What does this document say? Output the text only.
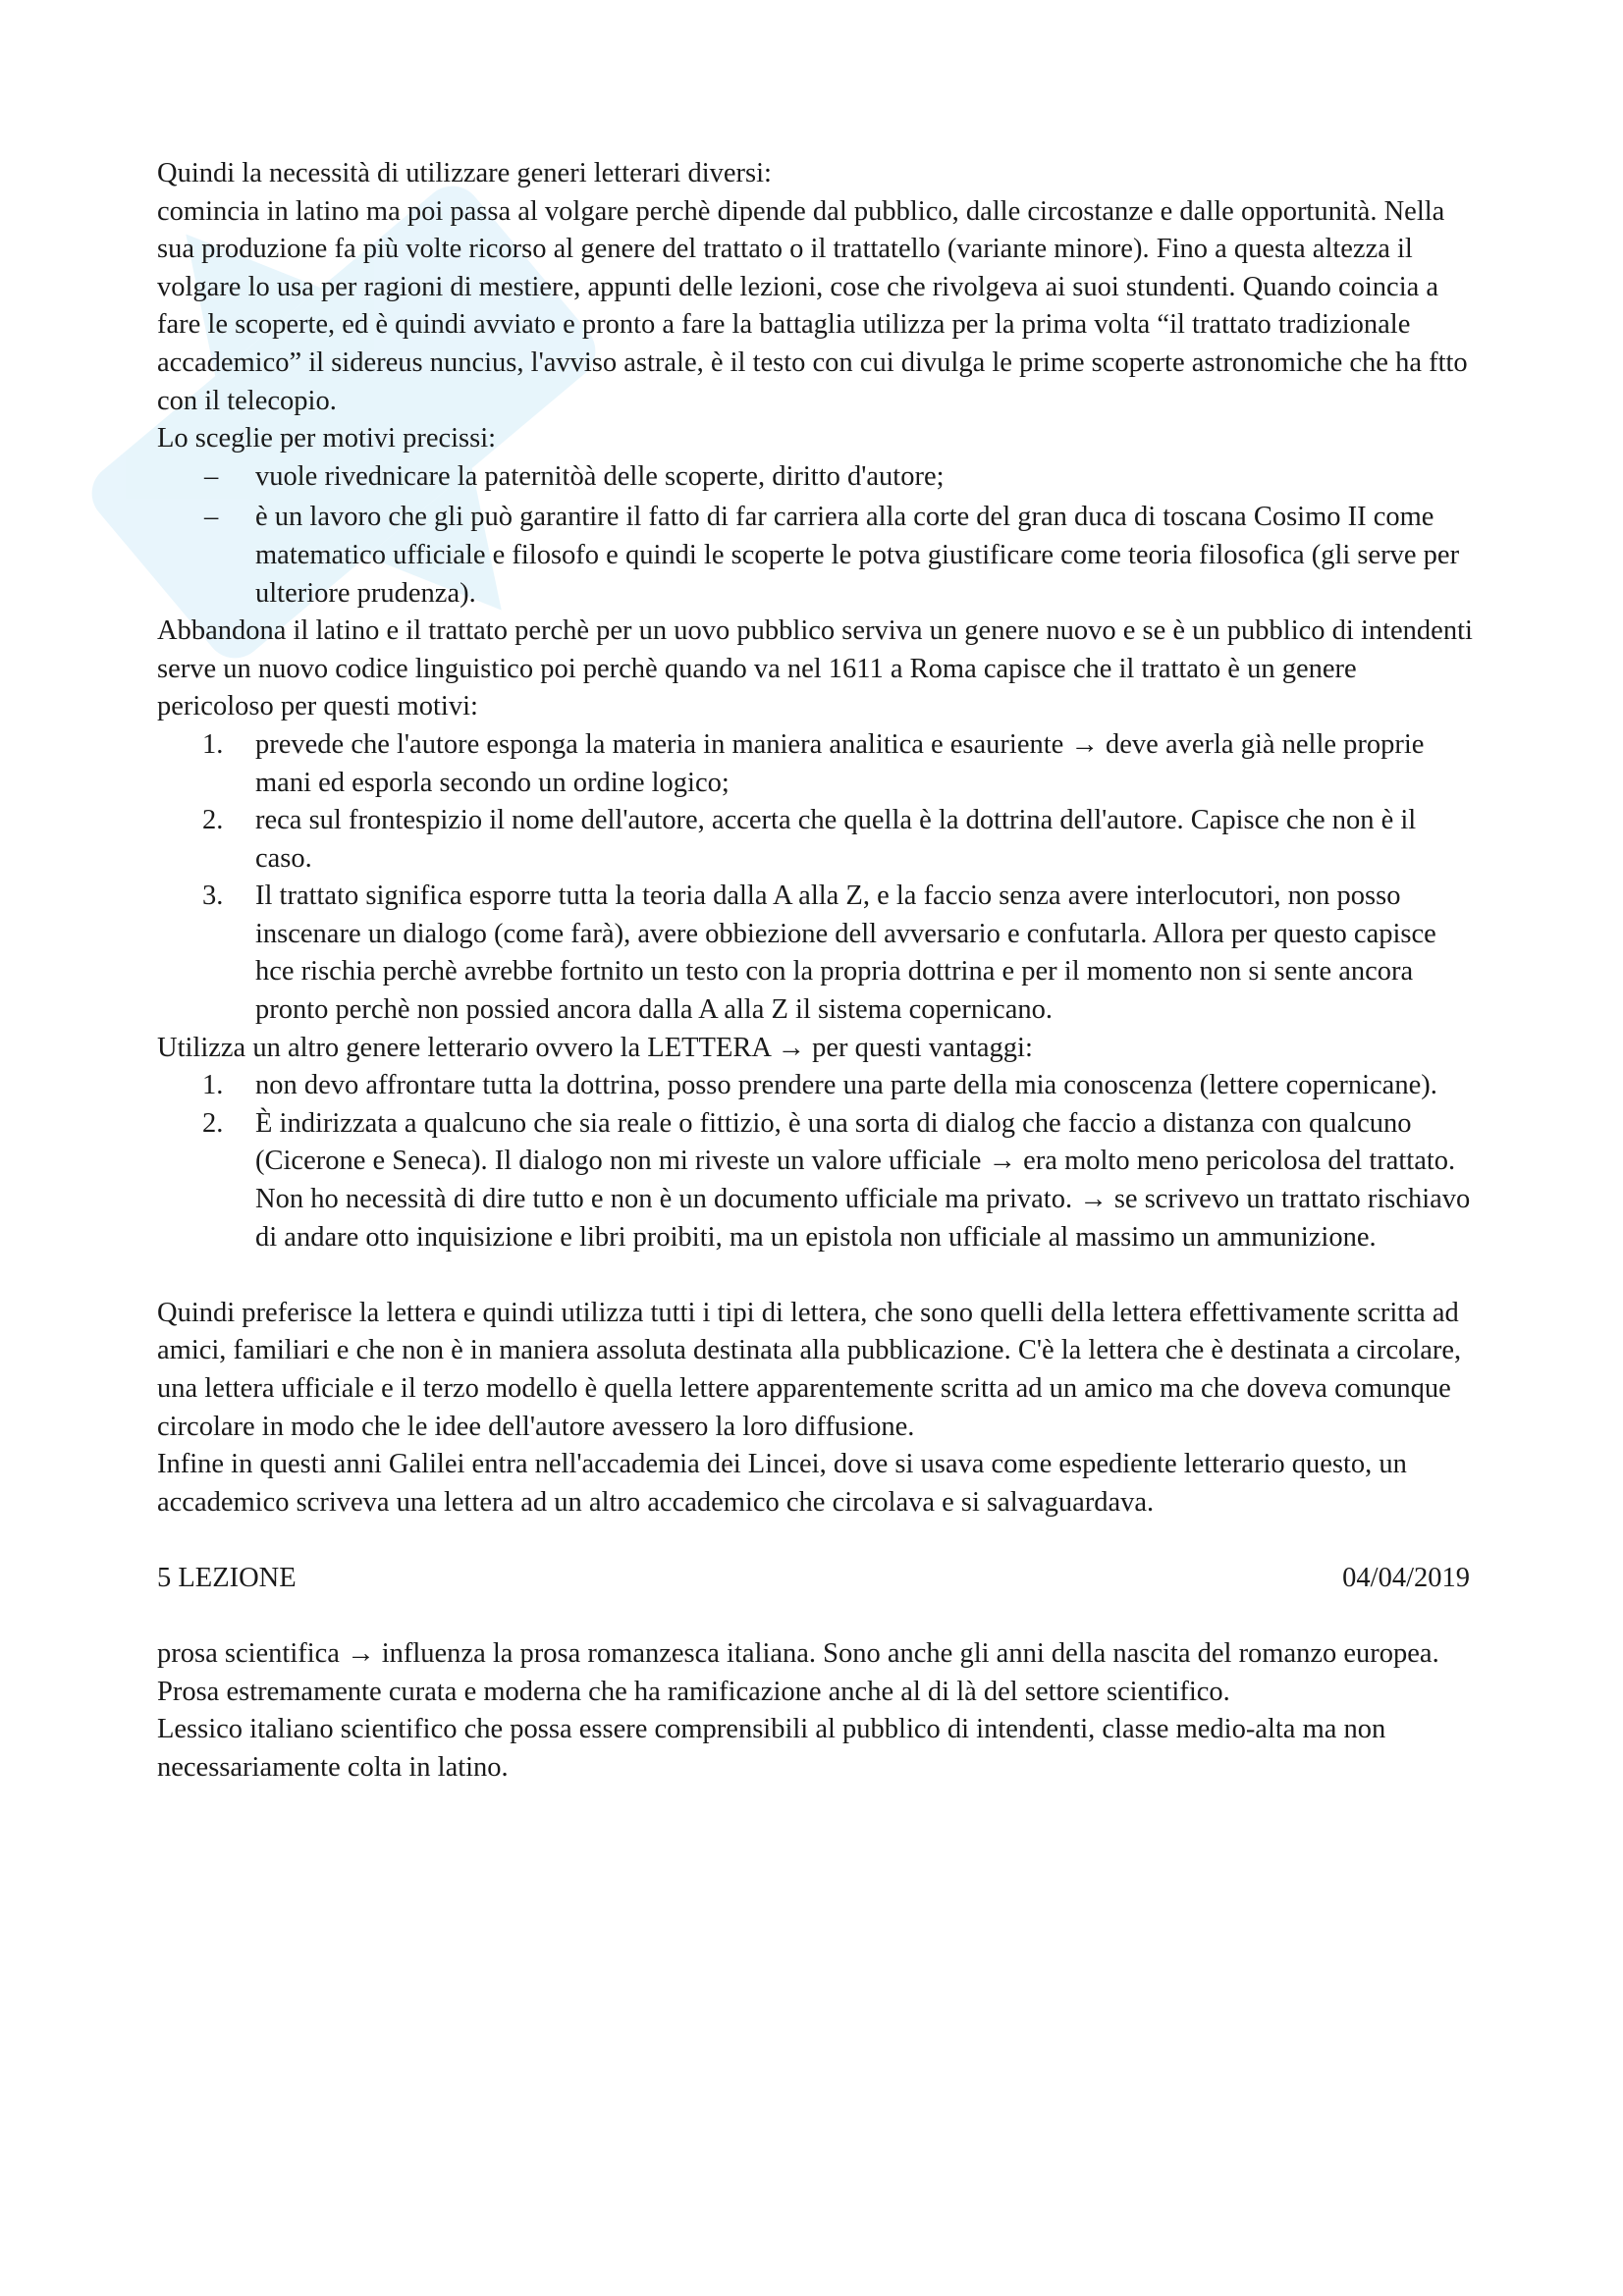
Quindi la necessità di utilizzare generi letterari diversi:

comincia in latino ma poi passa al volgare perchè dipende dal pubblico, dalle circostanze e dalle opportunità. Nella sua produzione fa più volte ricorso al genere del trattato o il trattatello (variante minore). Fino a questa altezza il volgare lo usa per ragioni di mestiere, appunti delle lezioni, cose che rivolgeva ai suoi stundenti. Quando coincia a fare le scoperte, ed è quindi avviato e pronto a fare la battaglia utilizza per la prima volta “il trattato tradizionale accademico” il sidereus nuncius, l'avviso astrale, è il testo con cui divulga le prime scoperte astronomiche che ha ftto con il telecopio.

Lo sceglie per motivi precissi:

– vuole rivednicare la paternitòà delle scoperte, diritto d'autore;
– è un lavoro che gli può garantire il fatto di far carriera alla corte del gran duca di toscana Cosimo II come matematico ufficiale e filosofo e quindi le scoperte le potva giustificare come teoria filosofica (gli serve per ulteriore prudenza).

Abbandona il latino e il trattato perchè per un uovo pubblico serviva un genere nuovo e se è un pubblico di intendenti serve un nuovo codice linguistico poi perchè quando va nel 1611 a Roma capisce che il trattato è un genere pericoloso per questi motivi:

1. prevede che l'autore esponga la materia in maniera analitica e esauriente → deve averla già nelle proprie mani ed esporla secondo un ordine logico;
2. reca sul frontespizio il nome dell'autore, accerta che quella è la dottrina dell'autore. Capisce che non è il caso.
3. Il trattato significa esporre tutta la teoria dalla A alla Z, e la faccio senza avere interlocutori, non posso inscenare un dialogo (come farà), avere obbiezione dell avversario e confutarla. Allora per questo capisce hce rischia perchè avrebbe fortnito un testo con la propria dottrina e per il momento non si sente ancora pronto perchè non possied ancora dalla A alla Z il sistema copernicano.

Utilizza un altro genere letterario ovvero la LETTERA → per questi vantaggi:

1. non devo affrontare tutta la dottrina, posso prendere una parte della mia conoscenza (lettere copernicane).
2. È indirizzata a qualcuno che sia reale o fittizio, è una sorta di dialog che faccio a distanza con qualcuno (Cicerone e Seneca). Il dialogo non mi riveste un valore ufficiale → era molto meno pericolosa del trattato. Non ho necessità di dire tutto e non è un documento ufficiale ma privato. → se scrivevo un trattato rischiavo di andare otto inquisizione e libri proibiti, ma un epistola non ufficiale al massimo un ammunizione.

Quindi preferisce la lettera e quindi utilizza tutti i tipi di lettera, che sono quelli della lettera effettivamente scritta ad amici, familiari e che non è in maniera assoluta destinata alla pubblicazione. C'è la lettera che è destinata a circolare, una lettera ufficiale e il terzo modello è quella lettere apparentemente scritta ad un amico ma che doveva comunque circolare in modo che le idee dell'autore avessero la loro diffusione.

Infine in questi anni Galilei entra nell'accademia dei Lincei, dove si usava come espediente letterario questo, un accademico scriveva una lettera ad un altro accademico che circolava e si salvaguardava.

5 LEZIONE	04/04/2019

prosa scientifica → influenza la prosa romanzesca italiana. Sono anche gli anni della nascita del romanzo europea. Prosa estremamente curata e moderna che ha ramificazione anche al di là del settore scientifico.

Lessico italiano scientifico che possa essere comprensibili al pubblico di intendenti, classe medio-alta ma non necessariamente colta in latino.
